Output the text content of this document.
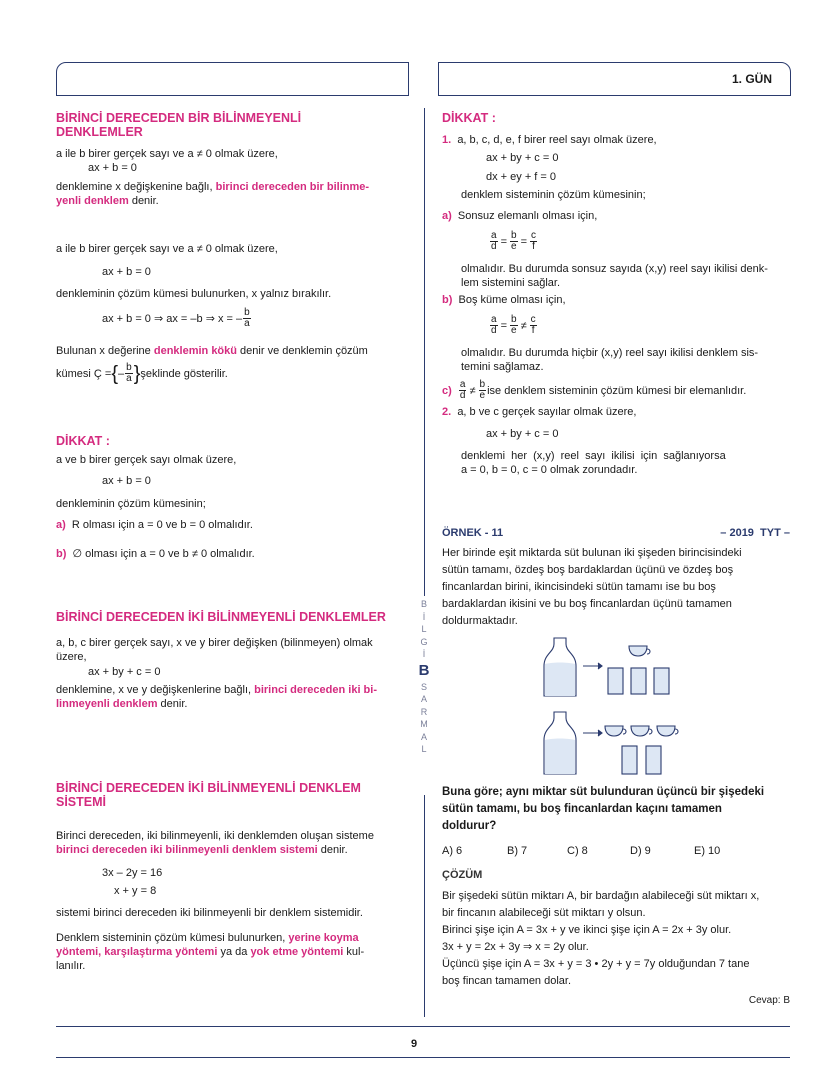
1. GÜN
BİRİNCİ DERECEDEN BİR BİLİNMEYENLİ
DENKLEMLER
a ile b birer gerçek sayı ve a ≠ 0 olmak üzere,
ax + b = 0
denklemine x değişkenine bağlı, birinci dereceden bir bilinme-
yenli denklem denir.
a ile b birer gerçek sayı ve a ≠ 0 olmak üzere,
ax + b = 0
denkleminin çözüm kümesi bulunurken, x yalnız bırakılır.
ax + b = 0 ⇒ ax = –b ⇒ x = – $\frac{b}{a}$
Bulunan x değerine denklemin kökü denir ve denklemin çözüm
kümesi Ç = { – $\frac{b}{a}$ } şeklinde gösterilir.
DİKKAT :
a ve b birer gerçek sayı olmak üzere,
ax + b = 0
denkleminin çözüm kümesinin;
a) R olması için a = 0 ve b = 0 olmalıdır.
b) ∅ olması için a = 0 ve b ≠ 0 olmalıdır.
BİRİNCİ DERECEDEN İKİ BİLİNMEYENLİ DENKLEMLER
a, b, c birer gerçek sayı, x ve y birer değişken (bilinmeyen) olmak
üzere,
ax + by + c = 0
denklemine, x ve y değişkenlerine bağlı, birinci dereceden iki bi-
linmeyenli denklem denir.
BİRİNCİ DERECEDEN İKİ BİLİNMEYENLİ DENKLEM
SİSTEMİ
Birinci dereceden, iki bilinmeyenli, iki denklemden oluşan sisteme
birinci dereceden iki bilinmeyenli denklem sistemi denir.
3x – 2y = 16
x + y = 8
sistemi birinci dereceden iki bilinmeyenli bir denklem sistemidir.
Denklem sisteminin çözüm kümesi bulunurken, yerine koyma
yöntemi, karşılaştırma yöntemi ya da yok etme yöntemi kul-
lanılır.
B
İ
L
G
İ
B
S
A
R
M
A
L
DİKKAT :
1. a, b, c, d, e, f birer reel sayı olmak üzere,
ax + by + c = 0
dx + ey + f = 0
denklem sisteminin çözüm kümesinin;
a) Sonsuz elemanlı olması için,
$\frac{a}{d} = \frac{b}{e} = \frac{c}{f}$
olmalıdır. Bu durumda sonsuz sayıda (x,y) reel sayı ikilisi denk-
lem sistemini sağlar.
b) Boş küme olması için,
$\frac{a}{d} = \frac{b}{e} \ne \frac{c}{f}$
olmalıdır. Bu durumda hiçbir (x,y) reel sayı ikilisi denklem sis-
temini sağlamaz.
c)
$\frac{a}{d} \ne \frac{b}{e}$ ise denklem sisteminin çözüm kümesi bir elemanlıdır.
2. a, b ve c gerçek sayılar olmak üzere,
ax + by + c = 0
denklemi  her  (x,y)  reel  sayı  ikilisi  için  sağlanıyorsa
a = 0, b = 0, c = 0 olmak zorundadır.
ÖRNEK - 11	– 2019  TYT –
Her birinde eşit miktarda süt bulunan iki şişeden birincisindeki
sütün tamamı, özdeş boş bardaklardan üçünü ve özdeş boş
fincanlardan birini, ikincisindeki sütün tamamı ise bu boş
bardaklardan ikisini ve bu boş fincanlardan üçünü tamamen
doldurmaktadır.
Buna göre; aynı miktar süt bulunduran üçüncü bir şişedeki
sütün tamamı, bu boş fincanlardan kaçını tamamen
doldurur?
A) 6	B) 7	C) 8	D) 9	E) 10
ÇÖZÜM
Bir şişedeki sütün miktarı A, bir bardağın alabileceği süt miktarı x,
bir fincanın alabileceği süt miktarı y olsun.
Birinci şişe için A = 3x + y ve ikinci şişe için A = 2x + 3y olur.
3x + y = 2x + 3y ⇒ x = 2y olur.
Üçüncü şişe için A = 3x + y = 3 • 2y + y = 7y olduğundan 7 tane
boş fincan tamamen dolar.
Cevap: B
9
